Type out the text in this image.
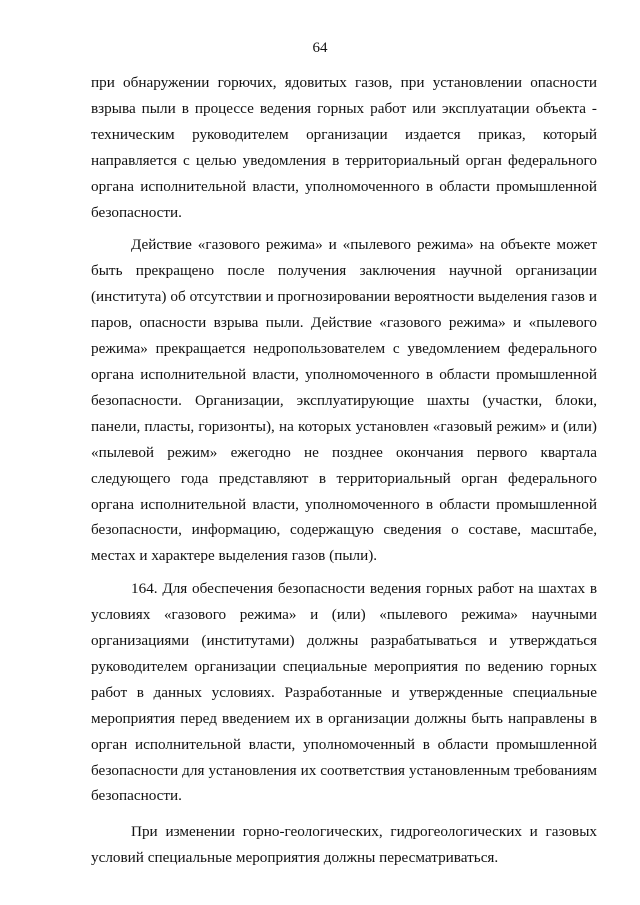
64

при обнаружении горючих, ядовитых газов, при установлении опасности взрыва пыли в процессе ведения горных работ или эксплуатации объекта - техническим руководителем организации издается приказ, который направляется с целью уведомления в территориальный орган федерального органа исполнительной власти, уполномоченного в области промышленной безопасности.

Действие «газового режима» и «пылевого режима» на объекте может быть прекращено после получения заключения научной организации (института) об отсутствии и прогнозировании вероятности выделения газов и паров, опасности взрыва пыли. Действие «газового режима» и «пылевого режима» прекращается недропользователем с уведомлением федерального органа исполнительной власти, уполномоченного в области промышленной безопасности. Организации, эксплуатирующие шахты (участки, блоки, панели, пласты, горизонты), на которых установлен «газовый режим» и (или) «пылевой режим» ежегодно не позднее окончания первого квартала следующего года представляют в территориальный орган федерального органа исполнительной власти, уполномоченного в области промышленной безопасности, информацию, содержащую сведения о составе, масштабе, местах и характере выделения газов (пыли).

164. Для обеспечения безопасности ведения горных работ на шахтах в условиях «газового режима» и (или) «пылевого режима» научными организациями (институтами) должны разрабатываться и утверждаться руководителем организации специальные мероприятия по ведению горных работ в данных условиях. Разработанные и утвержденные специальные мероприятия перед введением их в организации должны быть направлены в орган исполнительной власти, уполномоченный в области промышленной безопасности для установления их соответствия установленным требованиям безопасности.

При изменении горно-геологических, гидрогеологических и газовых условий специальные мероприятия должны пересматриваться.
